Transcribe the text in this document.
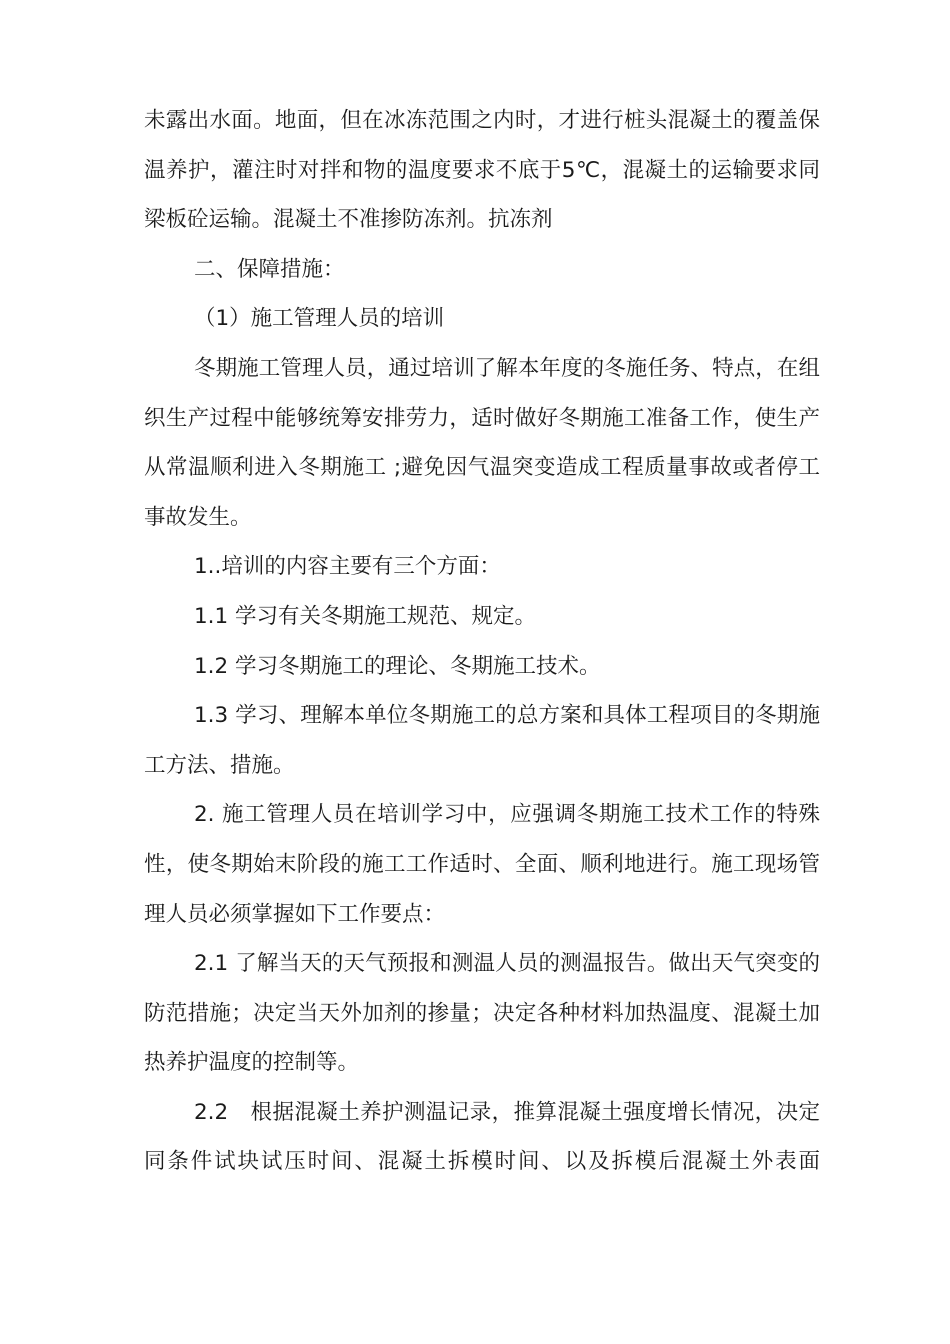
未露出水面。地面，但在冰冻范围之内时，才进行桩头混凝土的覆盖保温养护，灌注时对拌和物的温度要求不底于5℃，混凝土的运输要求同梁板砼运输。混凝土不准掺防冻剂。抗冻剂

二、保障措施：

（1）施工管理人员的培训

冬期施工管理人员，通过培训了解本年度的冬施任务、特点，在组织生产过程中能够统筹安排劳力，适时做好冬期施工准备工作，使生产从常温顺利进入冬期施工 ;避免因气温突变造成工程质量事故或者停工事故发生。

1..培训的内容主要有三个方面：

1.1 学习有关冬期施工规范、规定。

1.2 学习冬期施工的理论、冬期施工技术。

1.3 学习、理解本单位冬期施工的总方案和具体工程项目的冬期施工方法、措施。

2. 施工管理人员在培训学习中，应强调冬期施工技术工作的特殊性，使冬期始末阶段的施工工作适时、全面、顺利地进行。施工现场管理人员必须掌握如下工作要点：

2.1 了解当天的天气预报和测温人员的测温报告。做出天气突变的防范措施；决定当天外加剂的掺量；决定各种材料加热温度、混凝土加热养护温度的控制等。

2.2　根据混凝土养护测温记录，推算混凝土强度增长情况，决定同条件试块试压时间、混凝土拆模时间、以及拆模后混凝土外表面
